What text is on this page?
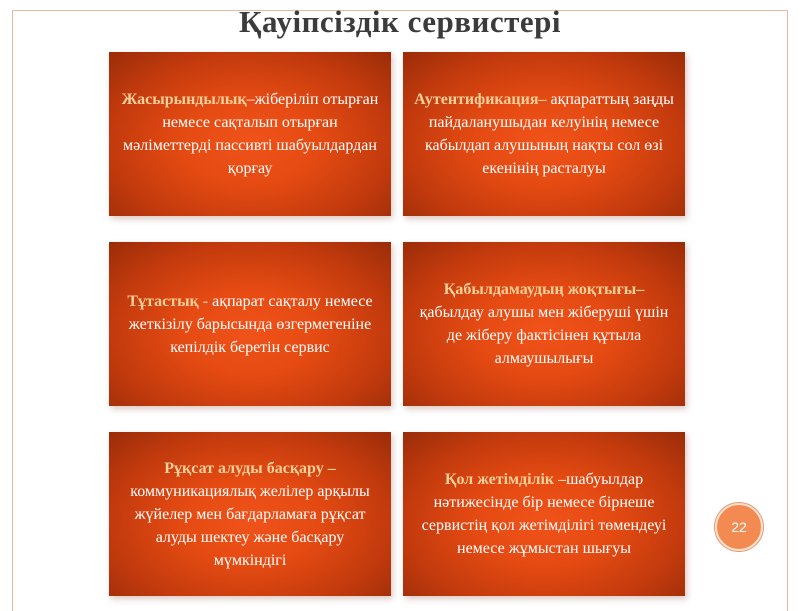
Қауіпсіздік сервистері
Жасырындылық–жіберіліп отырған немесе сақталып отырған мәліметтерді пассивті шабуылдардан қорғау
Аутентификация– ақпараттың заңды пайдаланушыдан келуінің немесе кабылдап алушының нақты сол өзі екенінің расталуы
Тұтастық - ақпарат сақталу немесе жеткізілу барысында өзгермегеніне кепілдік беретін сервис
Қабылдамаудың жоқтығы– қабылдау алушы мен жіберуші үшін де жіберу фактісінен құтыла алмаушылығы
Рұқсат алуды басқару – коммуникациялық желілер арқылы жүйелер мен бағдарламаға рұқсат алуды шектеу және басқару мүмкіндігі
Қол жетімділік –шабуылдар нәтижесінде бір немесе бірнеше сервистің қол жетімділігі төмендеуі немесе жұмыстан шығуы
22
